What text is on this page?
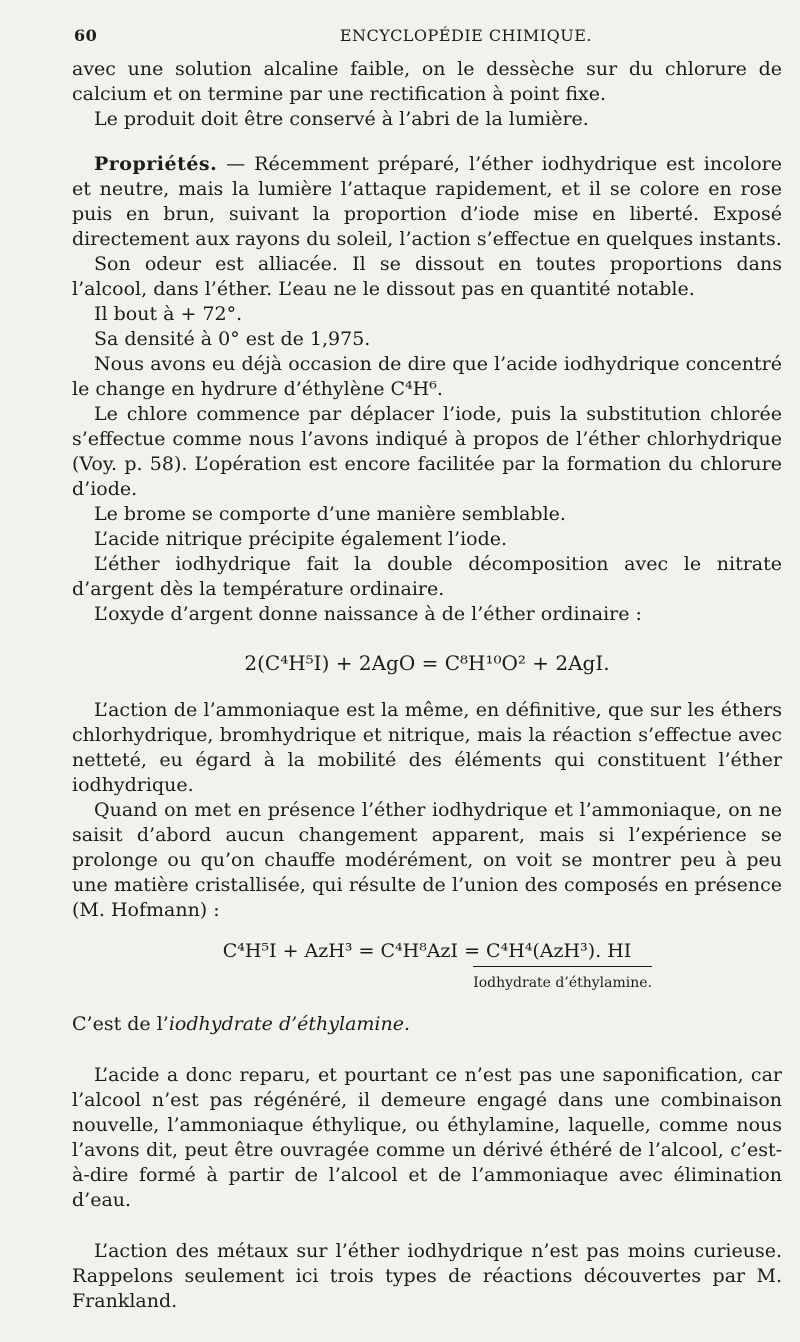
60	ENCYCLOPÉDIE CHIMIQUE.

avec une solution alcaline faible, on le dessèche sur du chlorure de calcium et on termine par une rectification à point fixe.

Le produit doit être conservé à l’abri de la lumière.

Propriétés. — Récemment préparé, l’éther iodhydrique est incolore et neutre, mais la lumière l’attaque rapidement, et il se colore en rose puis en brun, suivant la proportion d’iode mise en liberté. Exposé directement aux rayons du soleil, l’action s’effectue en quelques instants.

Son odeur est alliacée. Il se dissout en toutes proportions dans l’alcool, dans l’éther. L’eau ne le dissout pas en quantité notable.

Il bout à + 72°.

Sa densité à 0° est de 1,975.

Nous avons eu déjà occasion de dire que l’acide iodhydrique concentré le change en hydrure d’éthylène C⁴H⁶.

Le chlore commence par déplacer l’iode, puis la substitution chlorée s’effectue comme nous l’avons indiqué à propos de l’éther chlorhydrique (Voy. p. 58). L’opération est encore facilitée par la formation du chlorure d’iode.

Le brome se comporte d’une manière semblable.

L’acide nitrique précipite également l’iode.

L’éther iodhydrique fait la double décomposition avec le nitrate d’argent dès la température ordinaire.

L’oxyde d’argent donne naissance à de l’éther ordinaire :

2(C⁴H⁵I) + 2AgO = C⁸H¹⁰O² + 2AgI.

L’action de l’ammoniaque est la même, en définitive, que sur les éthers chlorhydrique, bromhydrique et nitrique, mais la réaction s’effectue avec netteté, eu égard à la mobilité des éléments qui constituent l’éther iodhydrique.

Quand on met en présence l’éther iodhydrique et l’ammoniaque, on ne saisit d’abord aucun changement apparent, mais si l’expérience se prolonge ou qu’on chauffe modérément, on voit se montrer peu à peu une matière cristallisée, qui résulte de l’union des composés en présence (M. Hofmann) :

C⁴H⁵I + AzH³ = C⁴H⁸AzI = C⁴H⁴(AzH³). HI
Iodhydrate d’éthylamine.

C’est de l’iodhydrate d’éthylamine.

L’acide a donc reparu, et pourtant ce n’est pas une saponification, car l’alcool n’est pas régénéré, il demeure engagé dans une combinaison nouvelle, l’ammoniaque éthylique, ou éthylamine, laquelle, comme nous l’avons dit, peut être ouvragée comme un dérivé éthéré de l’alcool, c’est-à-dire formé à partir de l’alcool et de l’ammoniaque avec élimination d’eau.

L’action des métaux sur l’éther iodhydrique n’est pas moins curieuse. Rappelons seulement ici trois types de réactions découvertes par M. Frankland.
